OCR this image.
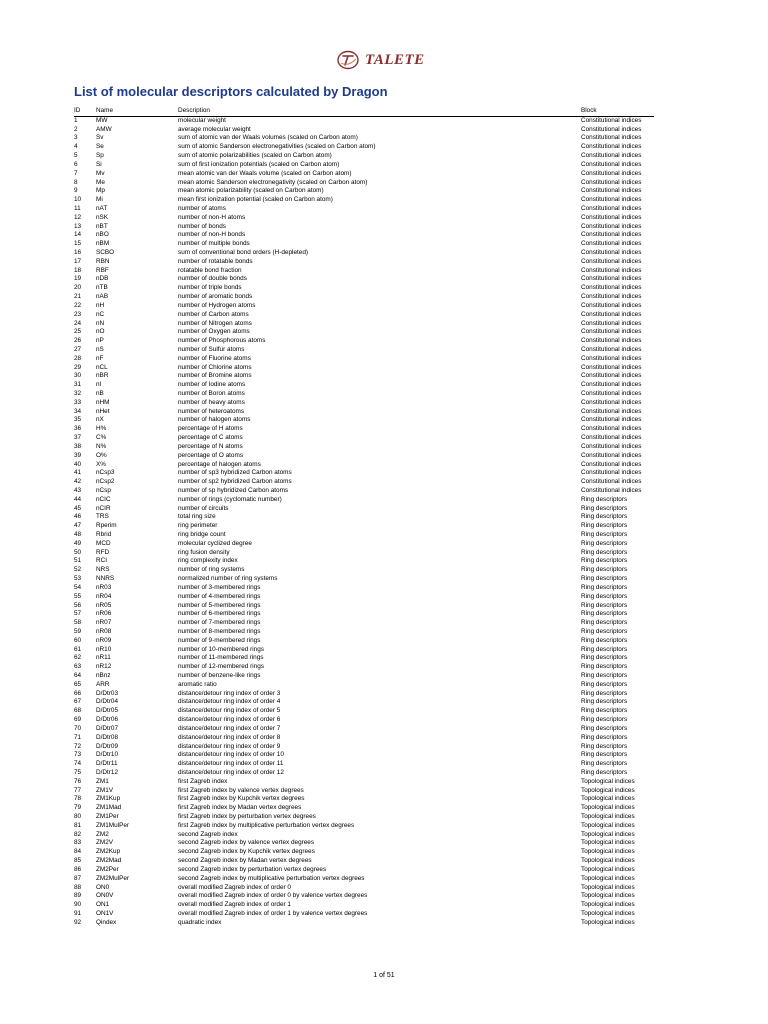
TALETE
List of molecular descriptors calculated by Dragon
ID	Name	Description	Block
1	MW	molecular weight	Constitutional indices
2	AMW	average molecular weight	Constitutional indices
3	Sv	sum of atomic van der Waals volumes (scaled on Carbon atom)	Constitutional indices
4	Se	sum of atomic Sanderson electronegativities (scaled on Carbon atom)	Constitutional indices
5	Sp	sum of atomic polarizabilities (scaled on Carbon atom)	Constitutional indices
6	Si	sum of first ionization potentials (scaled on Carbon atom)	Constitutional indices
7	Mv	mean atomic van der Waals volume (scaled on Carbon atom)	Constitutional indices
8	Me	mean atomic Sanderson electronegativity (scaled on Carbon atom)	Constitutional indices
9	Mp	mean atomic polarizability (scaled on Carbon atom)	Constitutional indices
10	Mi	mean first ionization potential (scaled on Carbon atom)	Constitutional indices
11	nAT	number of atoms	Constitutional indices
12	nSK	number of non-H atoms	Constitutional indices
13	nBT	number of bonds	Constitutional indices
14	nBO	number of non-H bonds	Constitutional indices
15	nBM	number of multiple bonds	Constitutional indices
16	SCBO	sum of conventional bond orders (H-depleted)	Constitutional indices
17	RBN	number of rotatable bonds	Constitutional indices
18	RBF	rotatable bond fraction	Constitutional indices
19	nDB	number of double bonds	Constitutional indices
20	nTB	number of triple bonds	Constitutional indices
21	nAB	number of aromatic bonds	Constitutional indices
22	nH	number of Hydrogen atoms	Constitutional indices
23	nC	number of Carbon atoms	Constitutional indices
24	nN	number of Nitrogen atoms	Constitutional indices
25	nO	number of Oxygen atoms	Constitutional indices
26	nP	number of Phosphorous atoms	Constitutional indices
27	nS	number of Sulfur atoms	Constitutional indices
28	nF	number of Fluorine atoms	Constitutional indices
29	nCL	number of Chlorine atoms	Constitutional indices
30	nBR	number of Bromine atoms	Constitutional indices
31	nI	number of Iodine atoms	Constitutional indices
32	nB	number of Boron atoms	Constitutional indices
33	nHM	number of heavy atoms	Constitutional indices
34	nHet	number of heteroatoms	Constitutional indices
35	nX	number of halogen atoms	Constitutional indices
36	H%	percentage of H atoms	Constitutional indices
37	C%	percentage of C atoms	Constitutional indices
38	N%	percentage of N atoms	Constitutional indices
39	O%	percentage of O atoms	Constitutional indices
40	X%	percentage of halogen atoms	Constitutional indices
41	nCsp3	number of sp3 hybridized Carbon atoms	Constitutional indices
42	nCsp2	number of sp2 hybridized Carbon atoms	Constitutional indices
43	nCsp	number of sp hybridized Carbon atoms	Constitutional indices
44	nCIC	number of rings (cyclomatic number)	Ring descriptors
45	nCIR	number of circuits	Ring descriptors
46	TRS	total ring size	Ring descriptors
47	Rperim	ring perimeter	Ring descriptors
48	Rbrid	ring bridge count	Ring descriptors
49	MCD	molecular cyclized degree	Ring descriptors
50	RFD	ring fusion density	Ring descriptors
51	RCI	ring complexity index	Ring descriptors
52	NRS	number of ring systems	Ring descriptors
53	NNRS	normalized number of ring systems	Ring descriptors
54	nR03	number of 3-membered rings	Ring descriptors
55	nR04	number of 4-membered rings	Ring descriptors
56	nR05	number of 5-membered rings	Ring descriptors
57	nR06	number of 6-membered rings	Ring descriptors
58	nR07	number of 7-membered rings	Ring descriptors
59	nR08	number of 8-membered rings	Ring descriptors
60	nR09	number of 9-membered rings	Ring descriptors
61	nR10	number of 10-membered rings	Ring descriptors
62	nR11	number of 11-membered rings	Ring descriptors
63	nR12	number of 12-membered rings	Ring descriptors
64	nBnz	number of benzene-like rings	Ring descriptors
65	ARR	aromatic ratio	Ring descriptors
66	D/Dtr03	distance/detour ring index of order 3	Ring descriptors
67	D/Dtr04	distance/detour ring index of order 4	Ring descriptors
68	D/Dtr05	distance/detour ring index of order 5	Ring descriptors
69	D/Dtr06	distance/detour ring index of order 6	Ring descriptors
70	D/Dtr07	distance/detour ring index of order 7	Ring descriptors
71	D/Dtr08	distance/detour ring index of order 8	Ring descriptors
72	D/Dtr09	distance/detour ring index of order 9	Ring descriptors
73	D/Dtr10	distance/detour ring index of order 10	Ring descriptors
74	D/Dtr11	distance/detour ring index of order 11	Ring descriptors
75	D/Dtr12	distance/detour ring index of order 12	Ring descriptors
76	ZM1	first Zagreb index	Topological indices
77	ZM1V	first Zagreb index by valence vertex degrees	Topological indices
78	ZM1Kup	first Zagreb index by Kupchik vertex degrees	Topological indices
79	ZM1Mad	first Zagreb index by Madan vertex degrees	Topological indices
80	ZM1Per	first Zagreb index by perturbation vertex degrees	Topological indices
81	ZM1MulPer	first Zagreb index by multiplicative perturbation vertex degrees	Topological indices
82	ZM2	second Zagreb index	Topological indices
83	ZM2V	second Zagreb index by valence vertex degrees	Topological indices
84	ZM2Kup	second Zagreb index by Kupchik vertex degrees	Topological indices
85	ZM2Mad	second Zagreb index by Madan vertex degrees	Topological indices
86	ZM2Per	second Zagreb index by perturbation vertex degrees	Topological indices
87	ZM2MulPer	second Zagreb index by multiplicative perturbation vertex degrees	Topological indices
88	ON0	overall modified Zagreb index of order 0	Topological indices
89	ON0V	overall modified Zagreb index of order 0 by valence vertex degrees	Topological indices
90	ON1	overall modified Zagreb index of order 1	Topological indices
91	ON1V	overall modified Zagreb index of order 1 by valence vertex degrees	Topological indices
92	Qindex	quadratic index	Topological indices
1 of 51
